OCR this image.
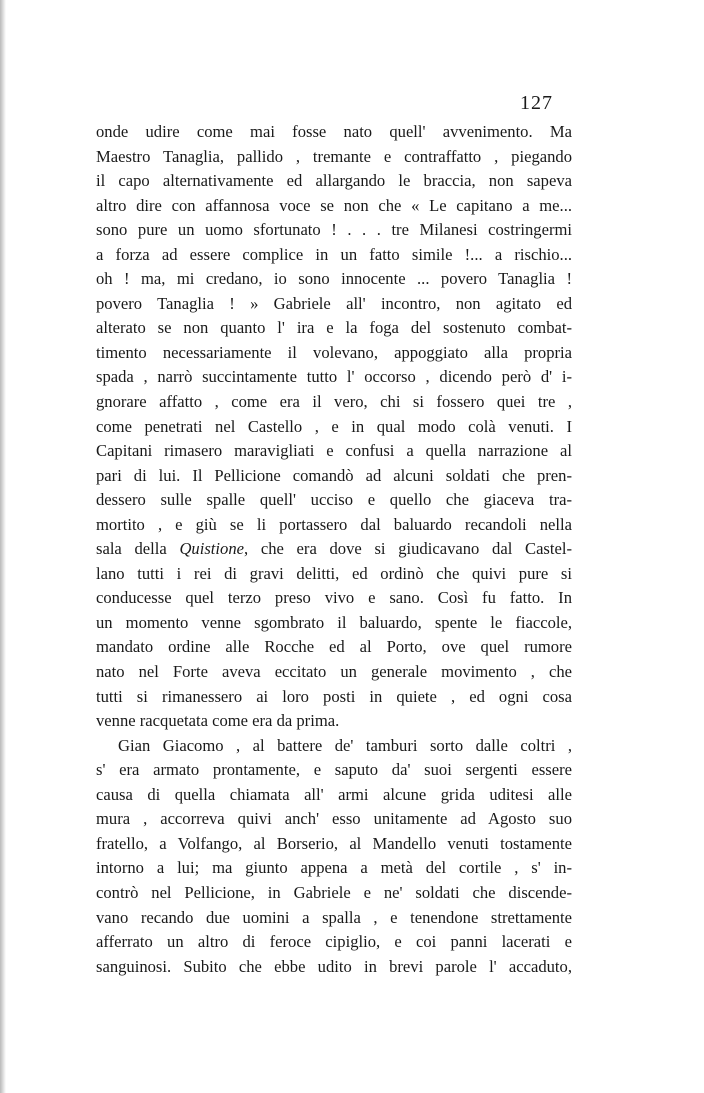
127

onde udire come mai fosse nato quell' avvenimento. Ma
Maestro Tanaglia, pallido , tremante e contraffatto , piegando
il capo alternativamente ed allargando le braccia, non sapeva
altro dire con affannosa voce se non che « Le capitano a me...
sono pure un uomo sfortunato ! . . . tre Milanesi costringermi
a forza ad essere complice in un fatto simile !... a rischio...
oh ! ma, mi credano, io sono innocente ... povero Tanaglia !
povero Tanaglia ! » Gabriele all' incontro, non agitato ed
alterato se non quanto l' ira e la foga del sostenuto combat-
timento necessariamente il volevano, appoggiato alla propria
spada , narrò succintamente tutto l' occorso , dicendo però d' i-
gnorare affatto , come era il vero, chi si fossero quei tre ,
come penetrati nel Castello , e in qual modo colà venuti. I
Capitani rimasero maravigliati e confusi a quella narrazione al
pari di lui. Il Pellicione comandò ad alcuni soldati che pren-
dessero sulle spalle quell' ucciso e quello che giaceva tra-
mortito , e giù se li portassero dal baluardo recandoli nella
sala della Quistione, che era dove si giudicavano dal Castel-
lano tutti i rei di gravi delitti, ed ordinò che quivi pure si
conducesse quel terzo preso vivo e sano. Così fu fatto. In
un momento venne sgombrato il baluardo, spente le fiaccole,
mandato ordine alle Rocche ed al Porto, ove quel rumore
nato nel Forte aveva eccitato un generale movimento , che
tutti si rimanessero ai loro posti in quiete , ed ogni cosa
venne racquetata come era da prima.
Gian Giacomo , al battere de' tamburi sorto dalle coltri ,
s' era armato prontamente, e saputo da' suoi sergenti essere
causa di quella chiamata all' armi alcune grida uditesi alle
mura , accorreva quivi anch' esso unitamente ad Agosto suo
fratello, a Volfango, al Borserio, al Mandello venuti tostamente
intorno a lui; ma giunto appena a metà del cortile , s' in-
contrò nel Pellicione, in Gabriele e ne' soldati che discende-
vano recando due uomini a spalla , e tenendone strettamente
afferrato un altro di feroce cipiglio, e coi panni lacerati e
sanguinosi. Subito che ebbe udito in brevi parole l' accaduto,
